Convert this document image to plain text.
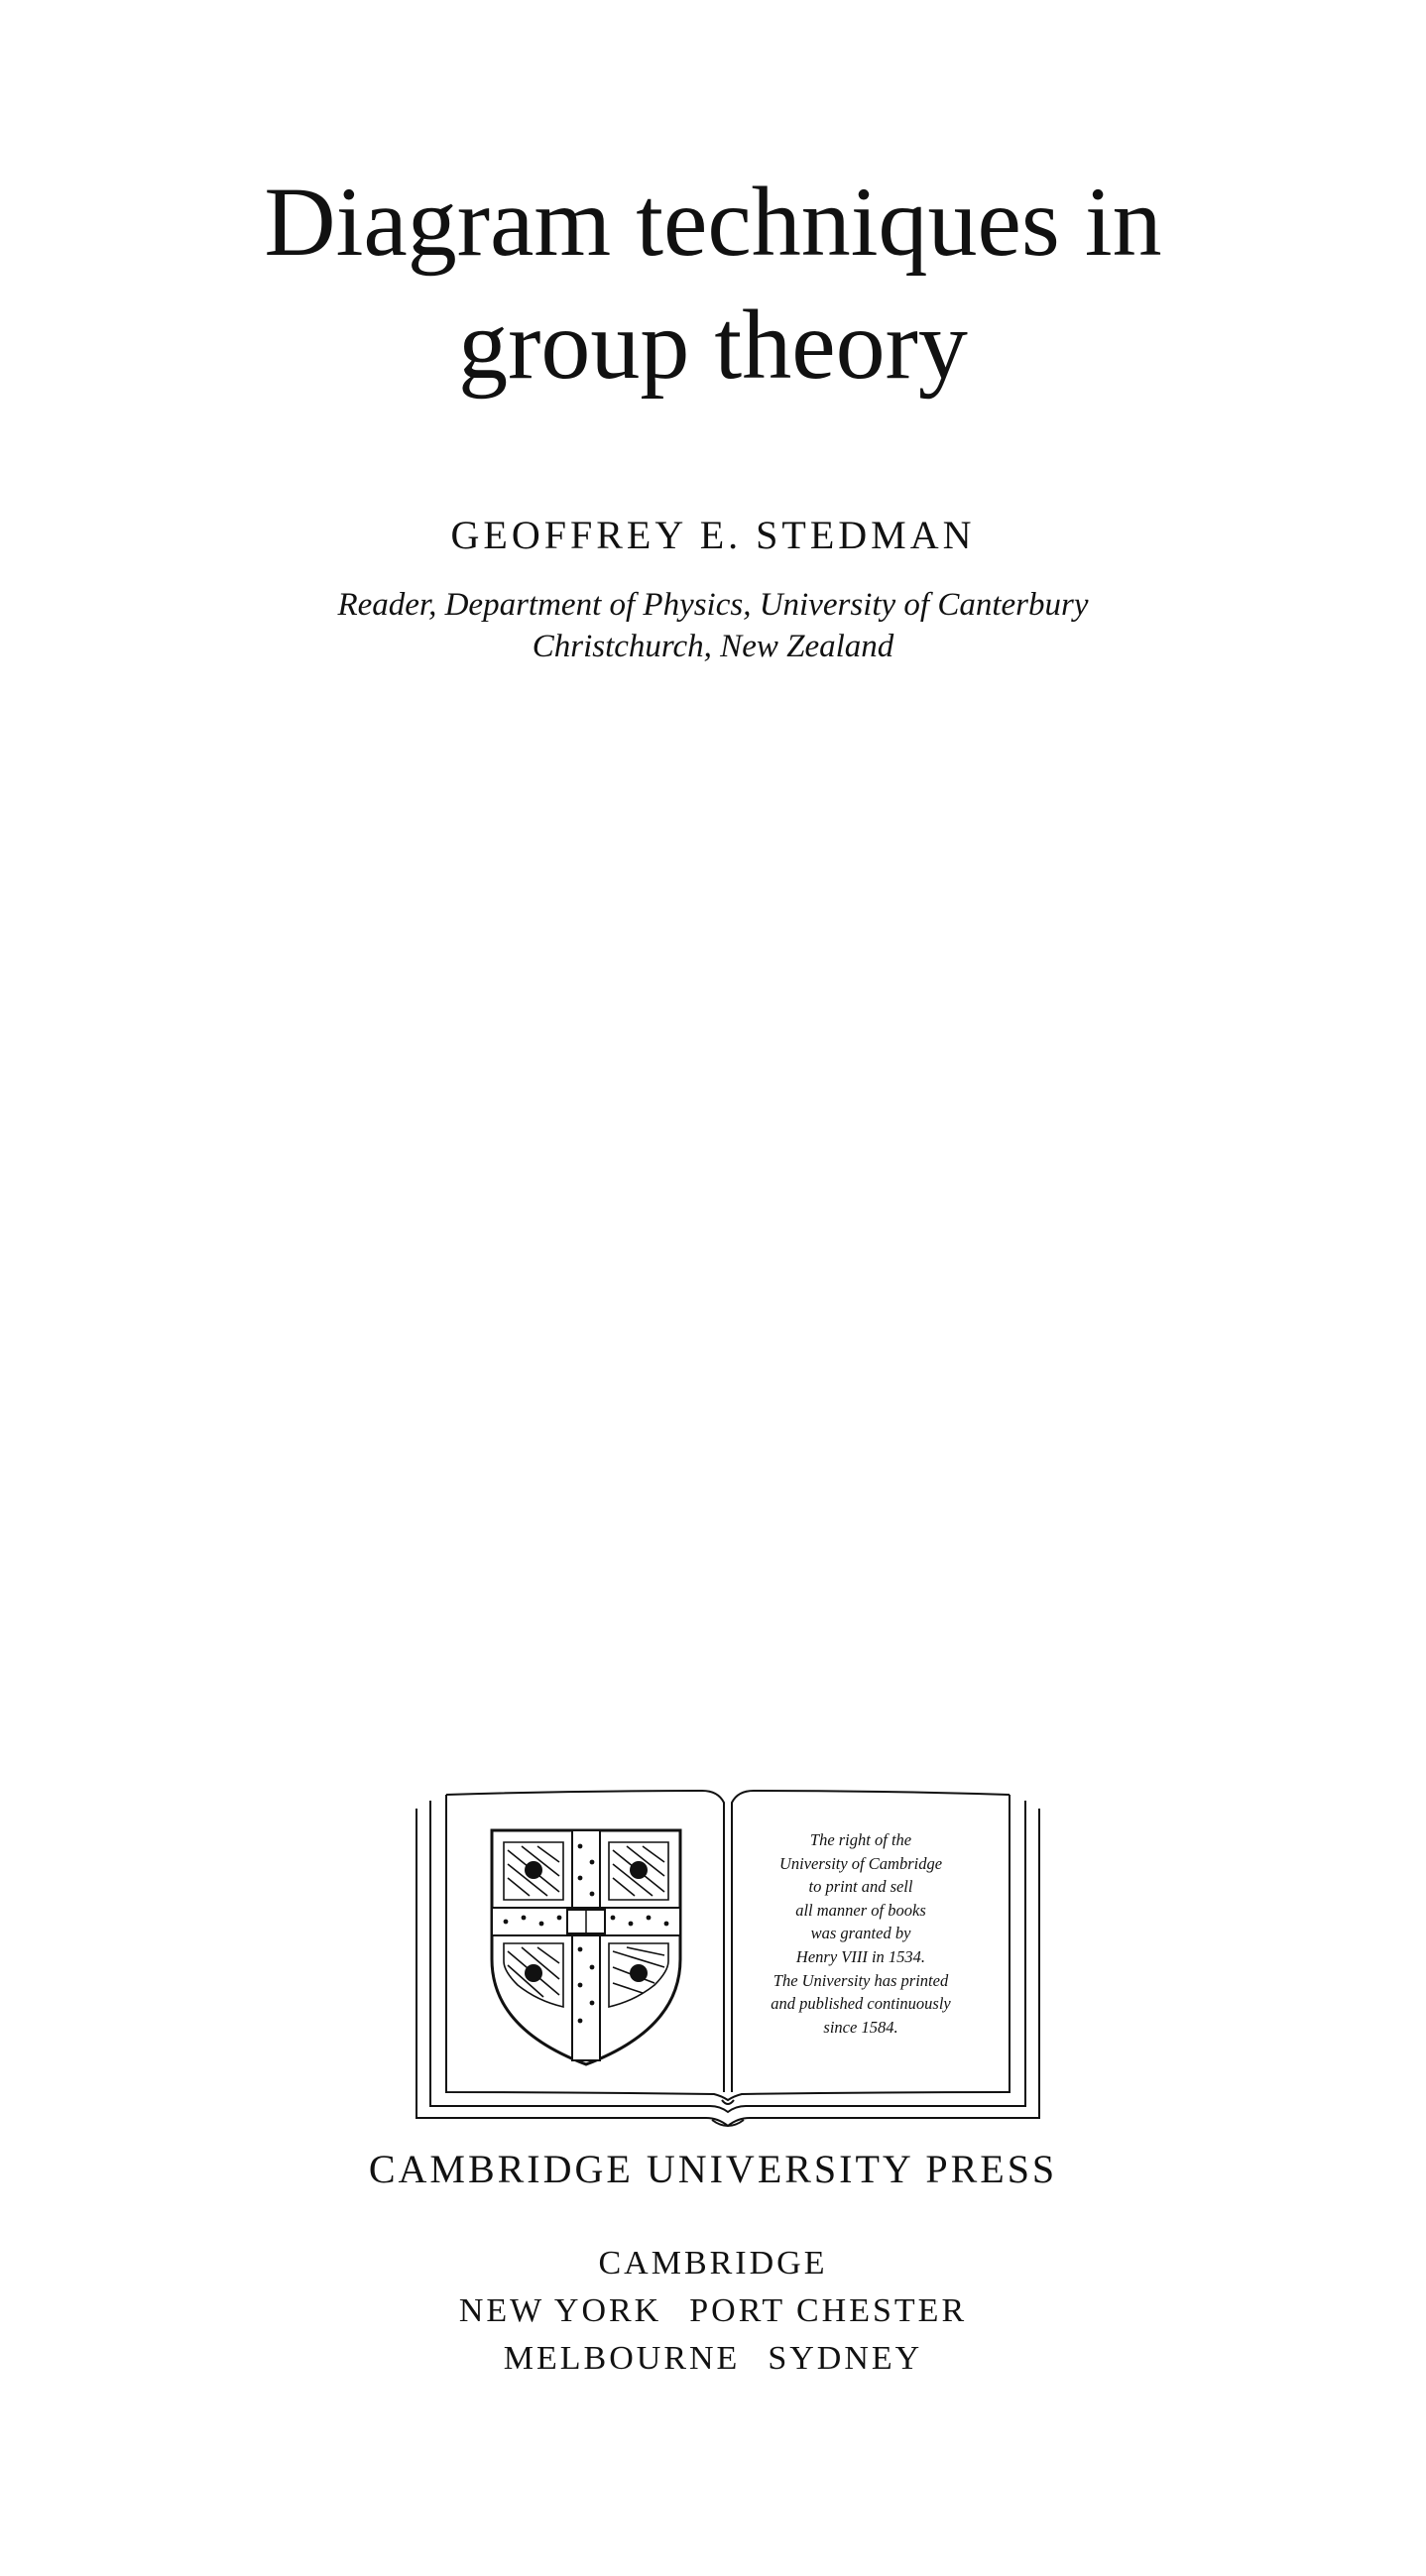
Diagram techniques in
group theory
GEOFFREY E. STEDMAN
Reader, Department of Physics, University of Canterbury
Christchurch, New Zealand
The right of the
University of Cambridge
to print and sell
all manner of books
was granted by
Henry VIII in 1534.
The University has printed
and published continuously
since 1584.
CAMBRIDGE UNIVERSITY PRESS
CAMBRIDGE
NEW YORK PORT CHESTER
MELBOURNE SYDNEY
